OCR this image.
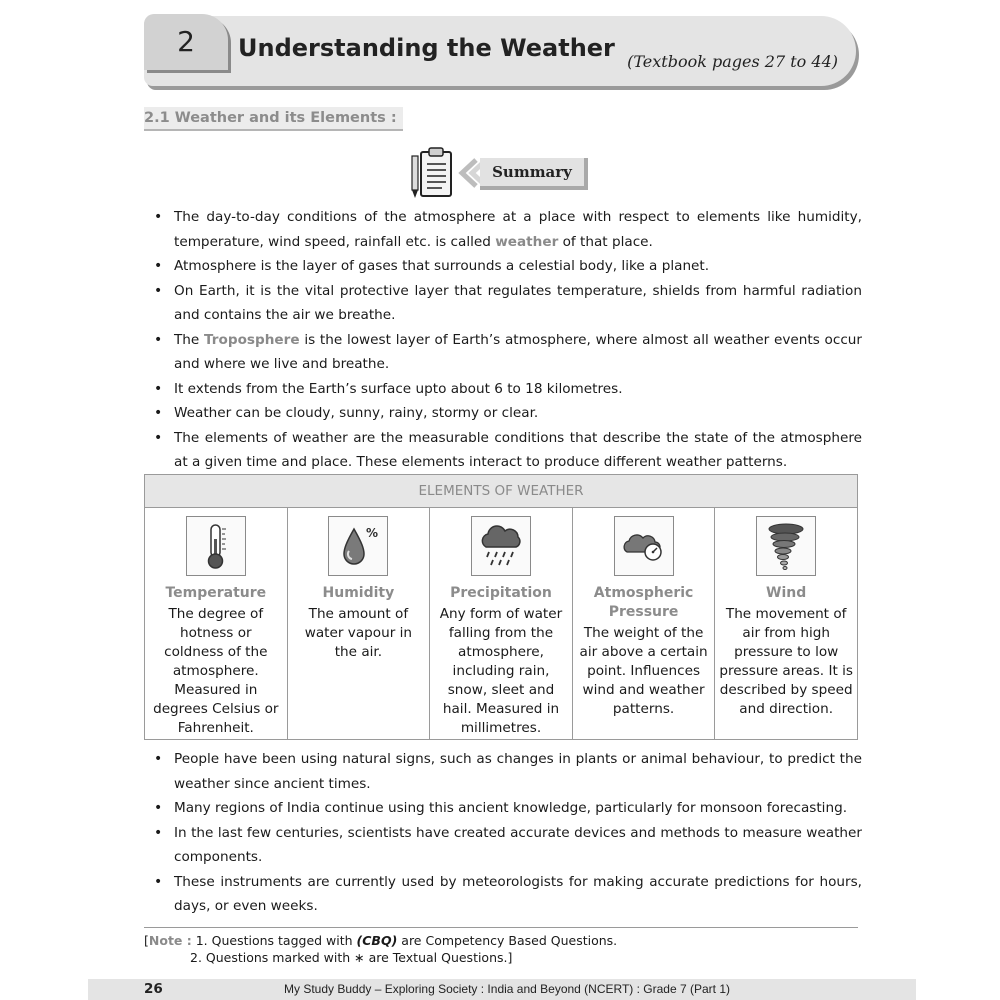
2	Understanding the Weather (Textbook pages 27 to 44)
2.1 Weather and its Elements :
Summary
• The day-to-day conditions of the atmosphere at a place with respect to elements like humidity, temperature, wind speed, rainfall etc. is called weather of that place.
• Atmosphere is the layer of gases that surrounds a celestial body, like a planet.
• On Earth, it is the vital protective layer that regulates temperature, shields from harmful radiation and contains the air we breathe.
• The Troposphere is the lowest layer of Earth’s atmosphere, where almost all weather events occur and where we live and breathe.
• It extends from the Earth’s surface upto about 6 to 18 kilometres.
• Weather can be cloudy, sunny, rainy, stormy or clear.
• The elements of weather are the measurable conditions that describe the state of the atmosphere at a given time and place. These elements interact to produce different weather patterns.
ELEMENTS OF WEATHER
Temperature
The degree of hotness or coldness of the atmosphere. Measured in degrees Celsius or Fahrenheit.
%
Humidity
The amount of water vapour in the air.
Precipitation
Any form of water falling from the atmosphere, including rain, snow, sleet and hail. Measured in millimetres.
Atmospheric Pressure
The weight of the air above a certain point. Influences wind and weather patterns.
Wind
The movement of air from high pressure to low pressure areas. It is described by speed and direction.
• People have been using natural signs, such as changes in plants or animal behaviour, to predict the weather since ancient times.
• Many regions of India continue using this ancient knowledge, particularly for monsoon forecasting.
• In the last few centuries, scientists have created accurate devices and methods to measure weather components.
• These instruments are currently used by meteorologists for making accurate predictions for hours, days, or even weeks.
[Note : 1. Questions tagged with (CBQ) are Competency Based Questions.
2. Questions marked with ∗ are Textual Questions.]
26	My Study Buddy – Exploring Society : India and Beyond (NCERT) : Grade 7 (Part 1)
